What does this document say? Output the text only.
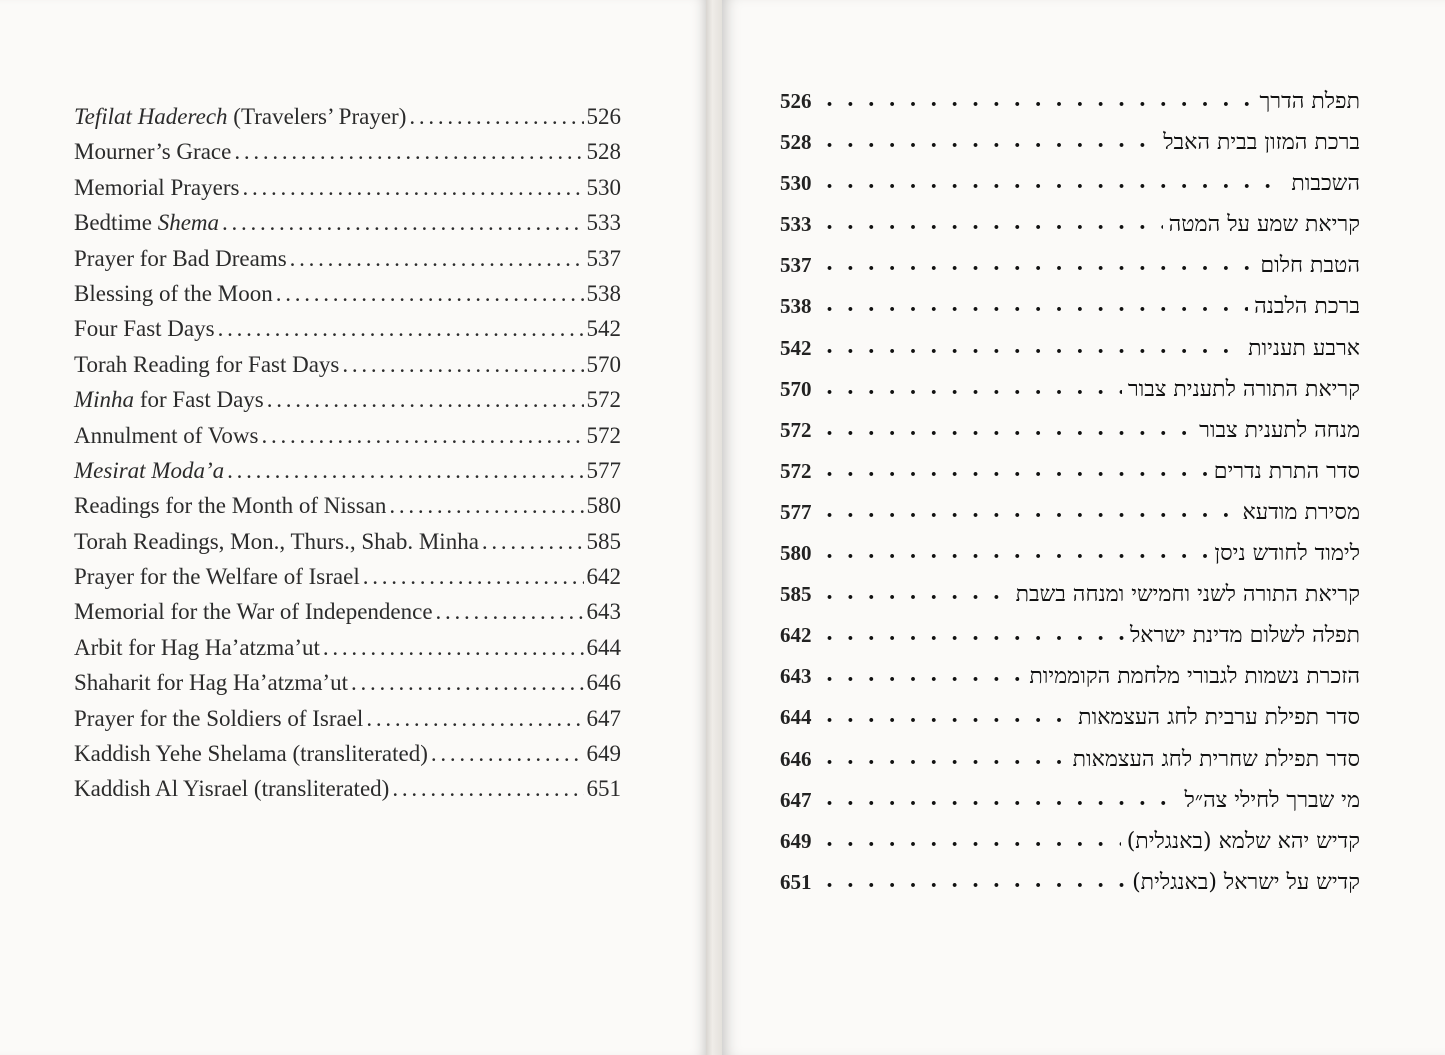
Tefilat Haderech (Travelers’ Prayer) . . .	526
Mourner’s Grace . . .	528
Memorial Prayers . . .	530
Bedtime Shema . . .	533
Prayer for Bad Dreams . . .	537
Blessing of the Moon . . .	538
Four Fast Days . . .	542
Torah Reading for Fast Days . . .	570
Minha for Fast Days . . .	572
Annulment of Vows . . .	572
Mesirat Moda’a . . .	577
Readings for the Month of Nissan . . .	580
Torah Readings, Mon., Thurs., Shab. Minha . . .	585
Prayer for the Welfare of Israel . . .	642
Memorial for the War of Independence . . .	643
Arbit for Hag Ha’atzma’ut . . .	644
Shaharit for Hag Ha’atzma’ut . . .	646
Prayer for the Soldiers of Israel . . .	647
Kaddish Yehe Shelama (transliterated) . . .	649
Kaddish Al Yisrael (transliterated) . . .	651
526 • • •	תפלת הדרך
528 • • •	ברכת המזון בבית האבל
530 • • •	השכבות
533 • • •	קריאת שמע על המטה
537 • • •	הטבת חלום
538 • • •	ברכת הלבנה
542 • • •	ארבע תעניות
570 • • •	קריאת התורה לתענית צבור
572 • • •	מנחה לתענית צבור
572 • • •	סדר התרת נדרים
577 • • •	מסירת מודעא
580 • • •	לימוד לחודש ניסן
585 • • •	קריאת התורה לשני וחמישי ומנחה בשבת
642 • • •	תפלה לשלום מדינת ישראל
643 • • •	הזכרת נשמות לגבורי מלחמת הקוממיות
644 • • •	סדר תפילת ערבית לחג העצמאות
646 • • •	סדר תפילת שחרית לחג העצמאות
647 • • •	מי שברך לחילי צה״ל
649 • • •	קדיש יהא שלמא (באנגלית)
651 • • •	קדיש על ישראל (באנגלית)
